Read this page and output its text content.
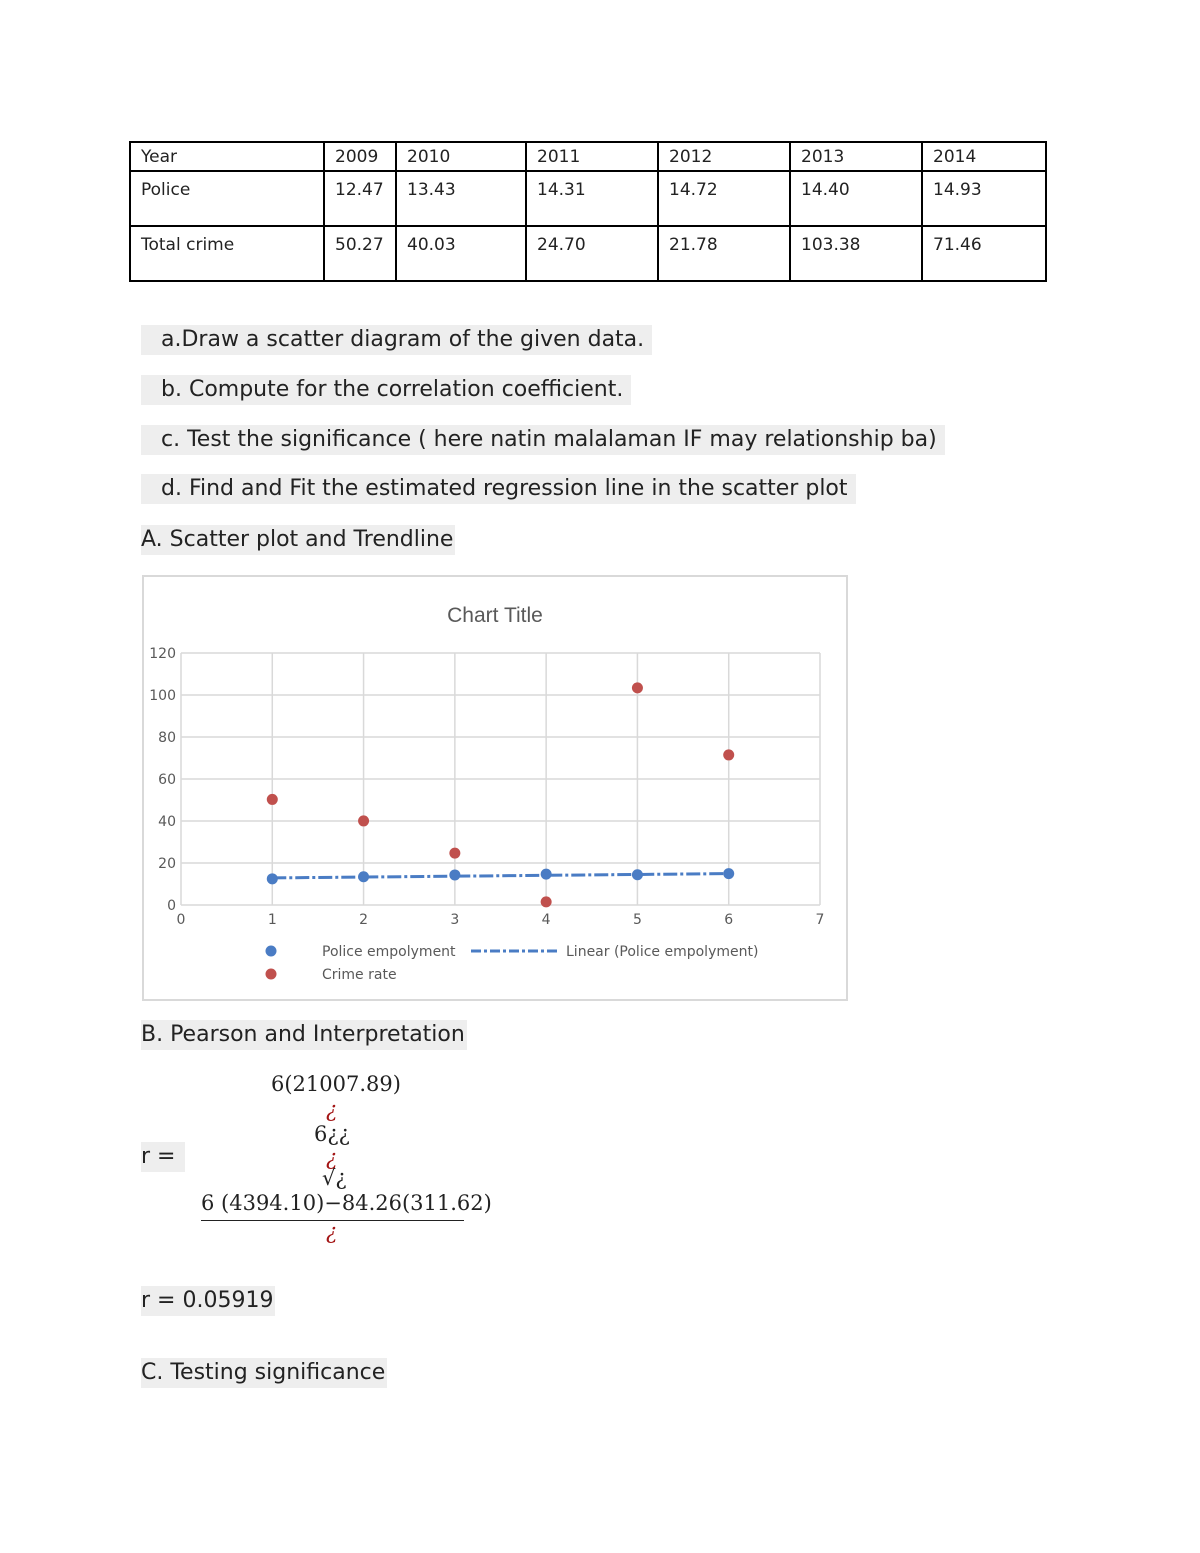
Year	2009	2010	2011	2012	2013	2014
Police	12.47	13.43	14.31	14.72	14.40	14.93
Total crime	50.27	40.03	24.70	21.78	103.38	71.46
a.Draw a scatter diagram of the given data.
b. Compute for the correlation coefficient.
c. Test the significance ( here natin malalaman IF may relationship ba)
d. Find and Fit the estimated regression line in the scatter plot
A. Scatter plot and Trendline
Chart Title
0
20
40
60
80
100
120
0	1	2	3	4	5	6	7
Police empolyment	Linear (Police empolyment)
Crime rate
B. Pearson and Interpretation
6(21007.89)
¿
6¿¿
¿
√¿
r =
6 (4394.10)−84.26(311.62)
¿
r = 0.05919
C. Testing significance
